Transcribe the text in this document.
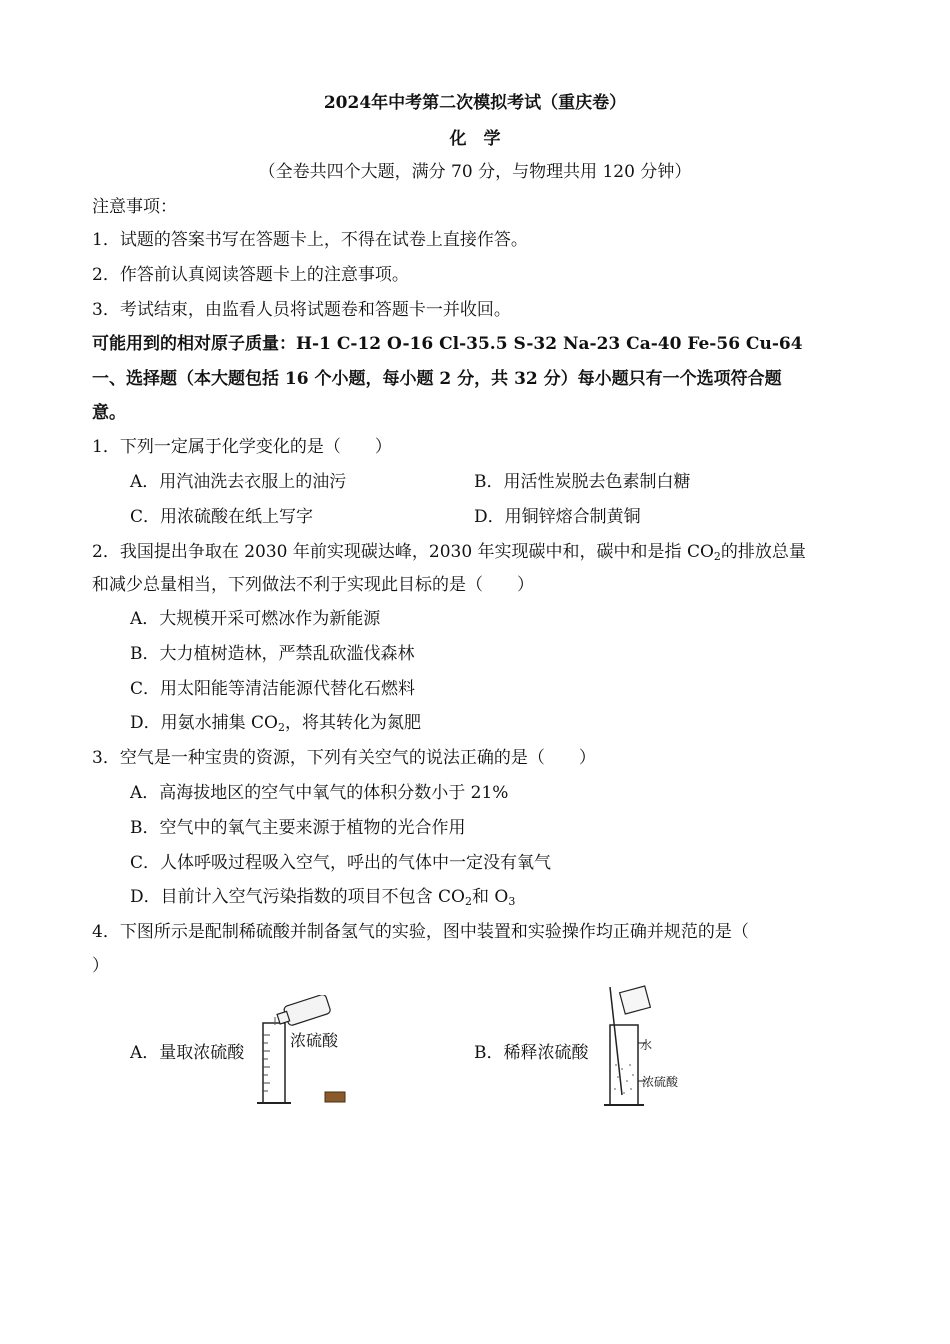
2024年中考第二次模拟考试（重庆卷）
化　学
（全卷共四个大题，满分 70 分，与物理共用 120 分钟）
注意事项：
1．试题的答案书写在答题卡上，不得在试卷上直接作答。
2．作答前认真阅读答题卡上的注意事项。
3．考试结束，由监看人员将试题卷和答题卡一并收回。
可能用到的相对原子质量：H-1 C-12 O-16 Cl-35.5 S-32 Na-23 Ca-40 Fe-56 Cu-64
一、选择题（本大题包括 16 个小题，每小题 2 分，共 32 分）每小题只有一个选项符合题
意。
1．下列一定属于化学变化的是（　　）
A．用汽油洗去衣服上的油污	B．用活性炭脱去色素制白糖
C．用浓硫酸在纸上写字	D．用铜锌熔合制黄铜
2．我国提出争取在 2030 年前实现碳达峰，2030 年实现碳中和，碳中和是指 $CO_2$的排放总量
和减少总量相当，下列做法不利于实现此目标的是（　　）
A．大规模开采可燃冰作为新能源
B．大力植树造林，严禁乱砍滥伐森林
C．用太阳能等清洁能源代替化石燃料
D．用氨水捕集 $CO_2$，将其转化为氮肥
3．空气是一种宝贵的资源，下列有关空气的说法正确的是（　　）
A．高海拔地区的空气中氧气的体积分数小于 21%
B．空气中的氧气主要来源于植物的光合作用
C．人体呼吸过程吸入空气，呼出的气体中一定没有氧气
D．目前计入空气污染指数的项目不包含 $CO_2$和 $O_3$
4．下图所示是配制稀硫酸并制备氢气的实验，图中装置和实验操作均正确并规范的是（
）
A．量取浓硫酸	B．稀释浓硫酸
浓硫酸	水
浓硫酸
